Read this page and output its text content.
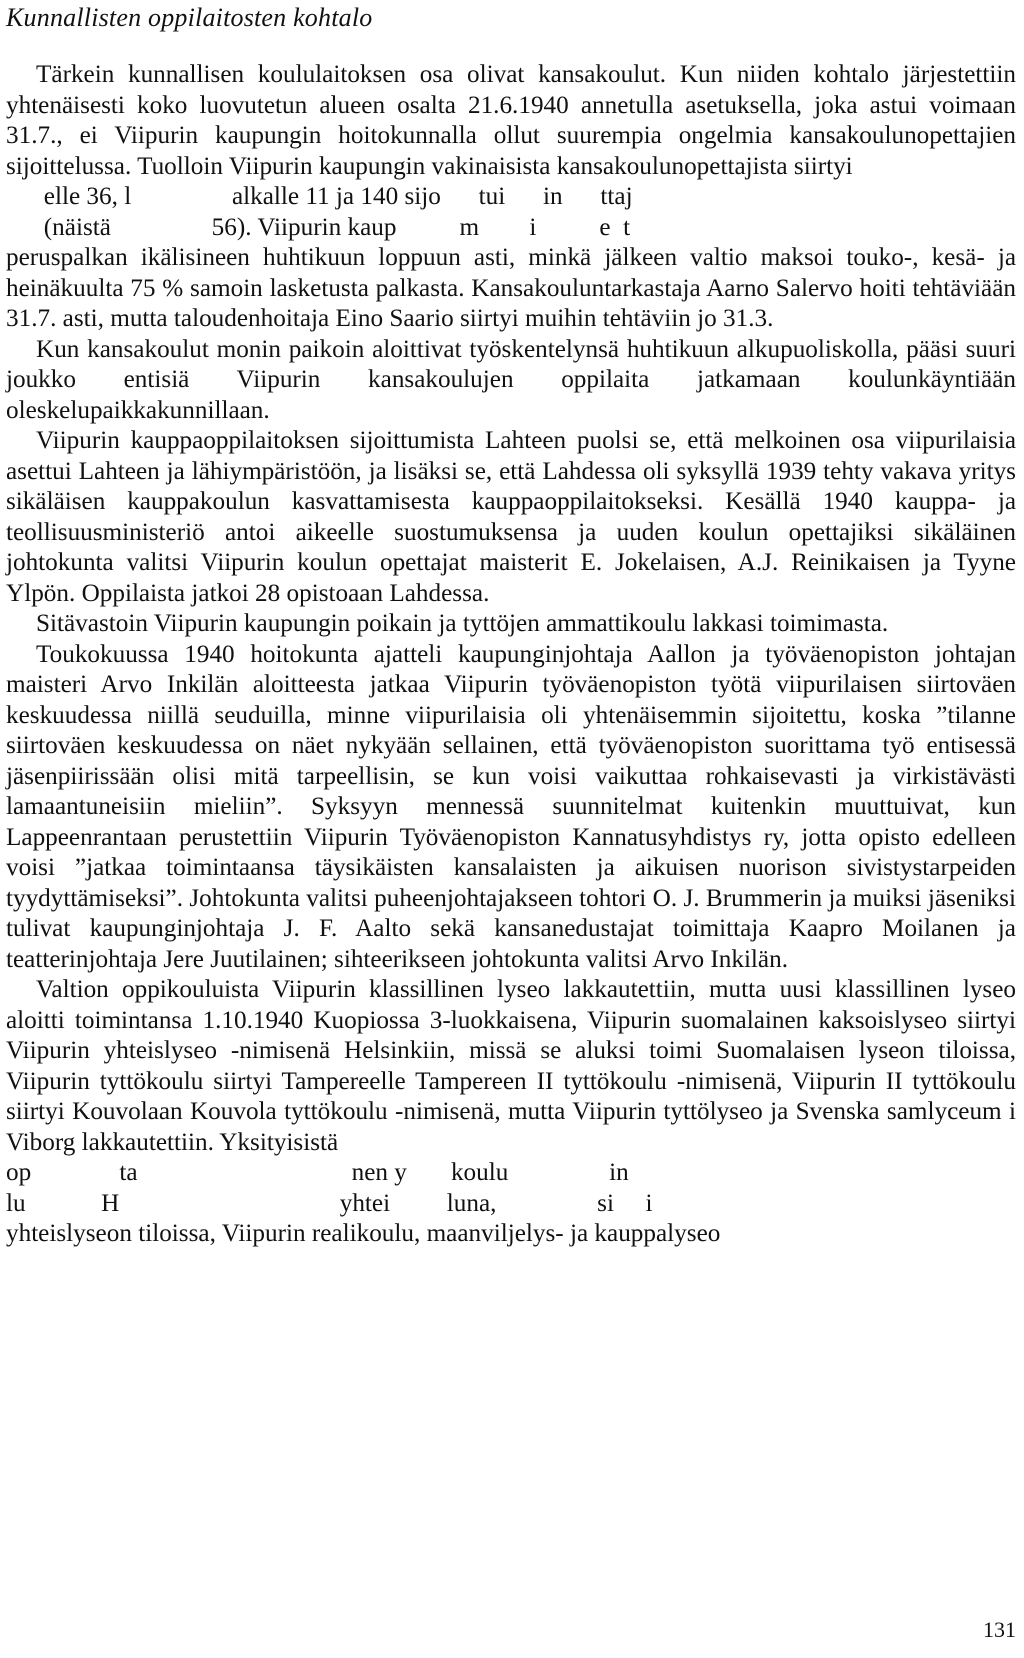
Kunnallisten oppilaitosten kohtalo

Tärkein kunnallisen koululaitoksen osa olivat kansakoulut. Kun niiden kohtalo järjestettiin yhtenäisesti koko luovutetun alueen osalta 21.6.1940 annetulla asetuksella, joka astui voimaan 31.7., ei Viipurin kaupungin hoitokunnalla ollut suurempia ongelmia kansakoulunopettajien sijoittelussa. Tuolloin Viipurin kaupungin vakinaisista kansakoulunopettajista siirtyi
elle 36, l                alkalle 11 ja 140 sijo      tui      in      ttaj
(näistä                56). Viipurin kaup          m        i          e  t
peruspalkan ikälisineen huhtikuun loppuun asti, minkä jälkeen valtio maksoi touko-, kesä- ja heinäkuulta 75 % samoin lasketusta palkasta. Kansakouluntarkastaja Aarno Salervo hoiti tehtäviään 31.7. asti, mutta taloudenhoitaja Eino Saario siirtyi muihin tehtäviin jo 31.3.

Kun kansakoulut monin paikoin aloittivat työskentelynsä huhtikuun alkupuoliskolla, pääsi suuri joukko entisiä Viipurin kansakoulujen oppilaita jatkamaan koulunkäyntiään oleskelupaikkakunnillaan.

Viipurin kauppaoppilaitoksen sijoittumista Lahteen puolsi se, että melkoinen osa viipurilaisia asettui Lahteen ja lähiympäristöön, ja lisäksi se, että Lahdessa oli syksyllä 1939 tehty vakava yritys sikäläisen kauppakoulun kasvattamisesta kauppaoppilaitokseksi. Kesällä 1940 kauppa- ja teollisuusministeriö antoi aikeelle suostumuksensa ja uuden koulun opettajiksi sikäläinen johtokunta valitsi Viipurin koulun opettajat maisterit E. Jokelaisen, A.J. Reinikaisen ja Tyyne Ylpön. Oppilaista jatkoi 28 opistoaan Lahdessa.

Sitävastoin Viipurin kaupungin poikain ja tyttöjen ammattikoulu lakkasi toimimasta.

Toukokuussa 1940 hoitokunta ajatteli kaupunginjohtaja Aallon ja työväenopiston johtajan maisteri Arvo Inkilän aloitteesta jatkaa Viipurin työväenopiston työtä viipurilaisen siirtoväen keskuudessa niillä seuduilla, minne viipurilaisia oli yhtenäisemmin sijoitettu, koska ”tilanne siirtoväen keskuudessa on näet nykyään sellainen, että työväenopiston suorittama työ entisessä jäsenpiirissään olisi mitä tarpeellisin, se kun voisi vaikuttaa rohkaisevasti ja virkistävästi lamaantuneisiin mieliin”. Syksyyn mennessä suunnitelmat kuitenkin muuttuivat, kun Lappeenrantaan perustettiin Viipurin Työväenopiston Kannatusyhdistys ry, jotta opisto edelleen voisi ”jatkaa toimintaansa täysikäisten kansalaisten ja aikuisen nuorison sivistystarpeiden tyydyttämiseksi”. Johtokunta valitsi puheenjohtajakseen tohtori O. J. Brummerin ja muiksi jäseniksi tulivat kaupunginjohtaja J. F. Aalto sekä kansanedustajat toimittaja Kaapro Moilanen ja teatterinjohtaja Jere Juutilainen; sihteerikseen johtokunta valitsi Arvo Inkilän.

Valtion oppikouluista Viipurin klassillinen lyseo lakkautettiin, mutta uusi klassillinen lyseo aloitti toimintansa 1.10.1940 Kuopiossa 3-luokkaisena, Viipurin suomalainen kaksoislyseo siirtyi Viipurin yhteislyseo -nimisenä Helsinkiin, missä se aluksi toimi Suomalaisen lyseon tiloissa, Viipurin tyttökoulu siirtyi Tampereelle Tampereen II tyttökoulu -nimisenä, Viipurin II tyttökoulu siirtyi Kouvolaan Kouvola tyttökoulu -nimisenä, mutta Viipurin tyttölyseo ja Svenska samlyceum i Viborg lakkautettiin. Yksityisistä
op              ta                                  nen y       koulu                in
lu            H                                   yhtei         luna,                si     i
yhteislyseon tiloissa, Viipurin realikoulu, maanviljelys- ja kauppalyseo

131
